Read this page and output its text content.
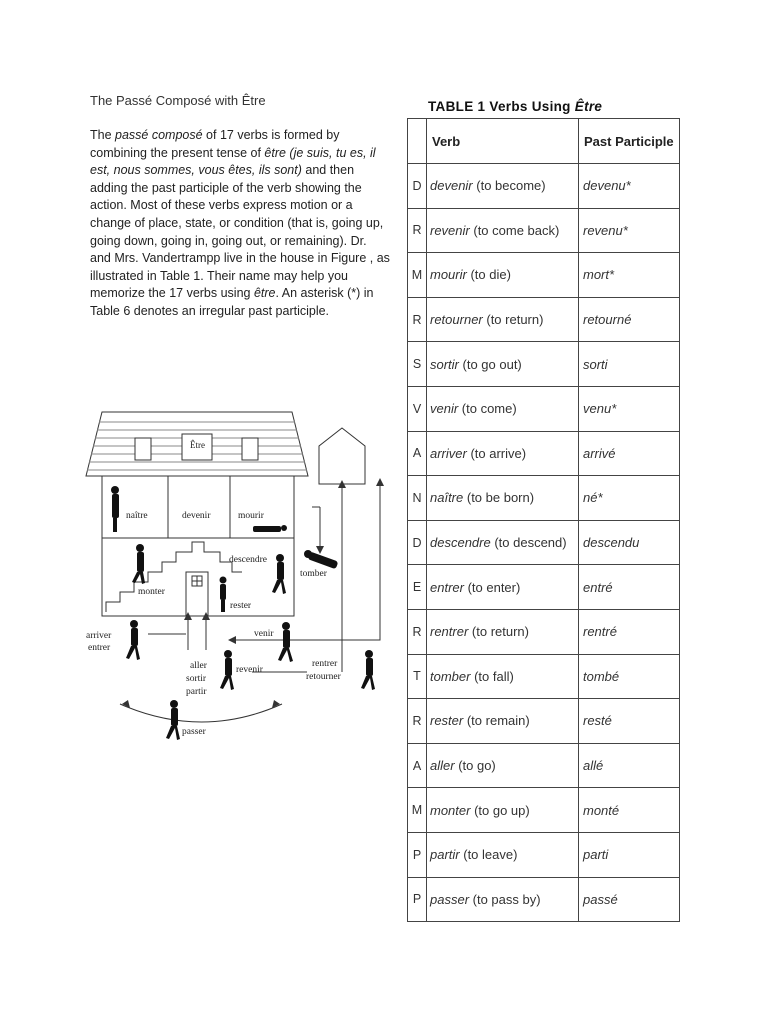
The Passé Composé with Être
The passé composé of 17 verbs is formed by combining the present tense of être (je suis, tu es, il est, nous sommes, vous êtes, ils sont) and then adding the past participle of the verb showing the action. Most of these verbs express motion or a change of place, state, or condition (that is, going up, going down, going in, going out, or remaining). Dr. and Mrs. Vandertrampp live in the house in Figure , as illustrated in Table 1. Their name may help you memorize the 17 verbs using être. An asterisk (*) in Table 6 denotes an irregular past participle.
TABLE 1 Verbs Using Être
	Verb	Past Participle
D	devenir (to become)	devenu*
R	revenir (to come back)	revenu*
M	mourir (to die)	mort*
R	retourner (to return)	retourné
S	sortir (to go out)	sorti
V	venir (to come)	venu*
A	arriver (to arrive)	arrivé
N	naître (to be born)	né*
D	descendre (to descend)	descendu
E	entrer (to enter)	entré
R	rentrer (to return)	rentré
T	tomber (to fall)	tombé
R	rester (to remain)	resté
A	aller (to go)	allé
M	monter (to go up)	monté
P	partir (to leave)	parti
P	passer (to pass by)	passé
Être
naître	devenir	mourir
descendre
tomber
monter
rester
arriver
entrer
venir
aller
sortir
partir
revenir
rentrer
retourner
passer
